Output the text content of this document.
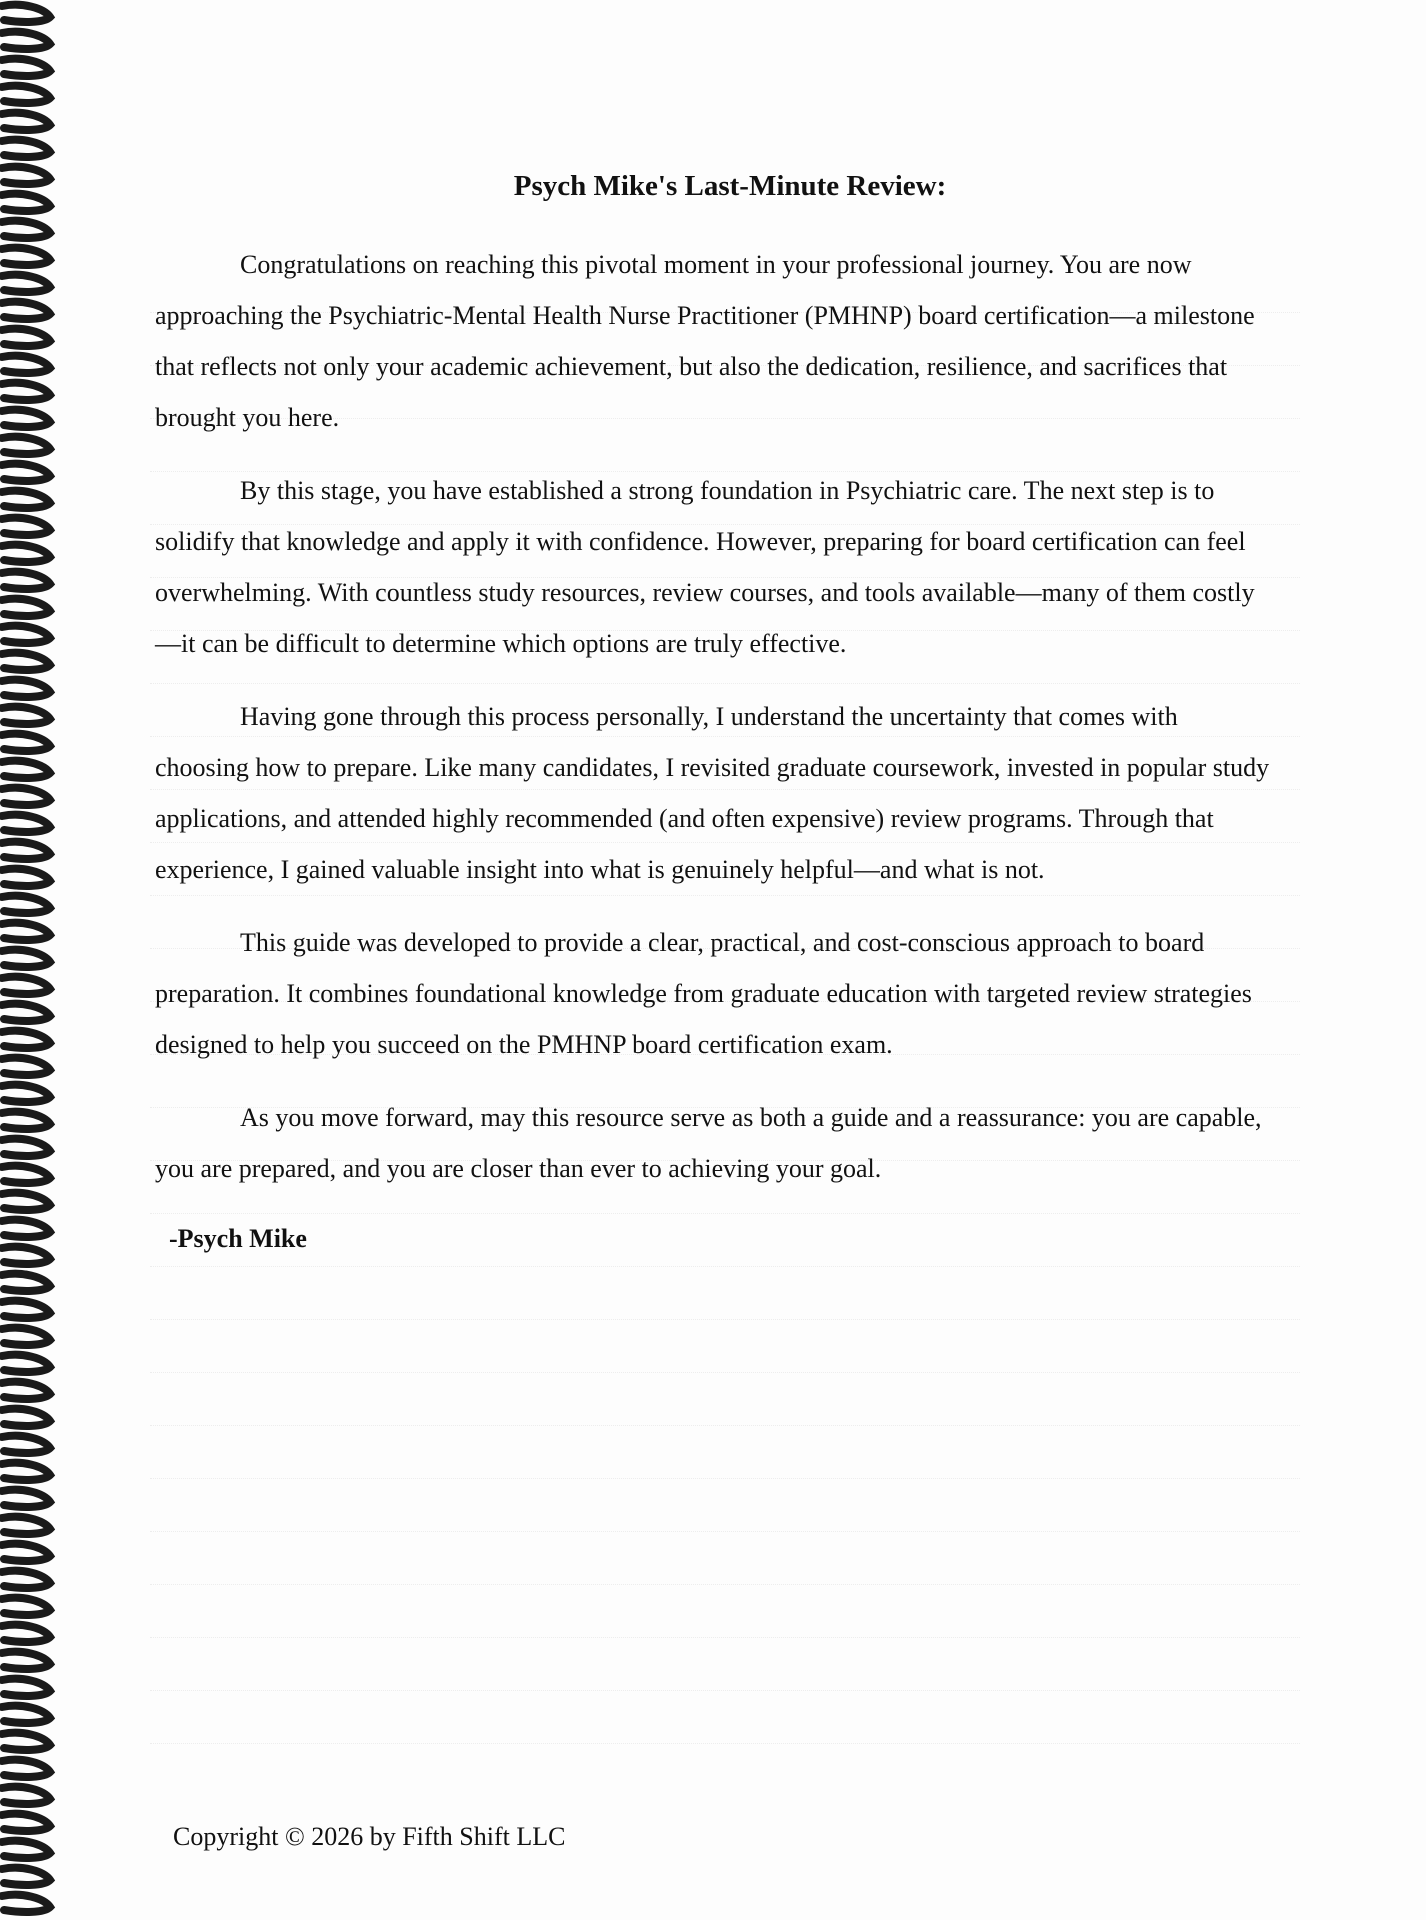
Psych Mike's Last-Minute Review:

Congratulations on reaching this pivotal moment in your professional journey. You are now approaching the Psychiatric-Mental Health Nurse Practitioner (PMHNP) board certification—a milestone that reflects not only your academic achievement, but also the dedication, resilience, and sacrifices that brought you here.

By this stage, you have established a strong foundation in Psychiatric care. The next step is to solidify that knowledge and apply it with confidence. However, preparing for board certification can feel overwhelming. With countless study resources, review courses, and tools available—many of them costly—it can be difficult to determine which options are truly effective.

Having gone through this process personally, I understand the uncertainty that comes with choosing how to prepare. Like many candidates, I revisited graduate coursework, invested in popular study applications, and attended highly recommended (and often expensive) review programs. Through that experience, I gained valuable insight into what is genuinely helpful—and what is not.

This guide was developed to provide a clear, practical, and cost-conscious approach to board preparation. It combines foundational knowledge from graduate education with targeted review strategies designed to help you succeed on the PMHNP board certification exam.

As you move forward, may this resource serve as both a guide and a reassurance: you are capable, you are prepared, and you are closer than ever to achieving your goal.

-Psych Mike
Copyright © 2026 by Fifth Shift LLC
